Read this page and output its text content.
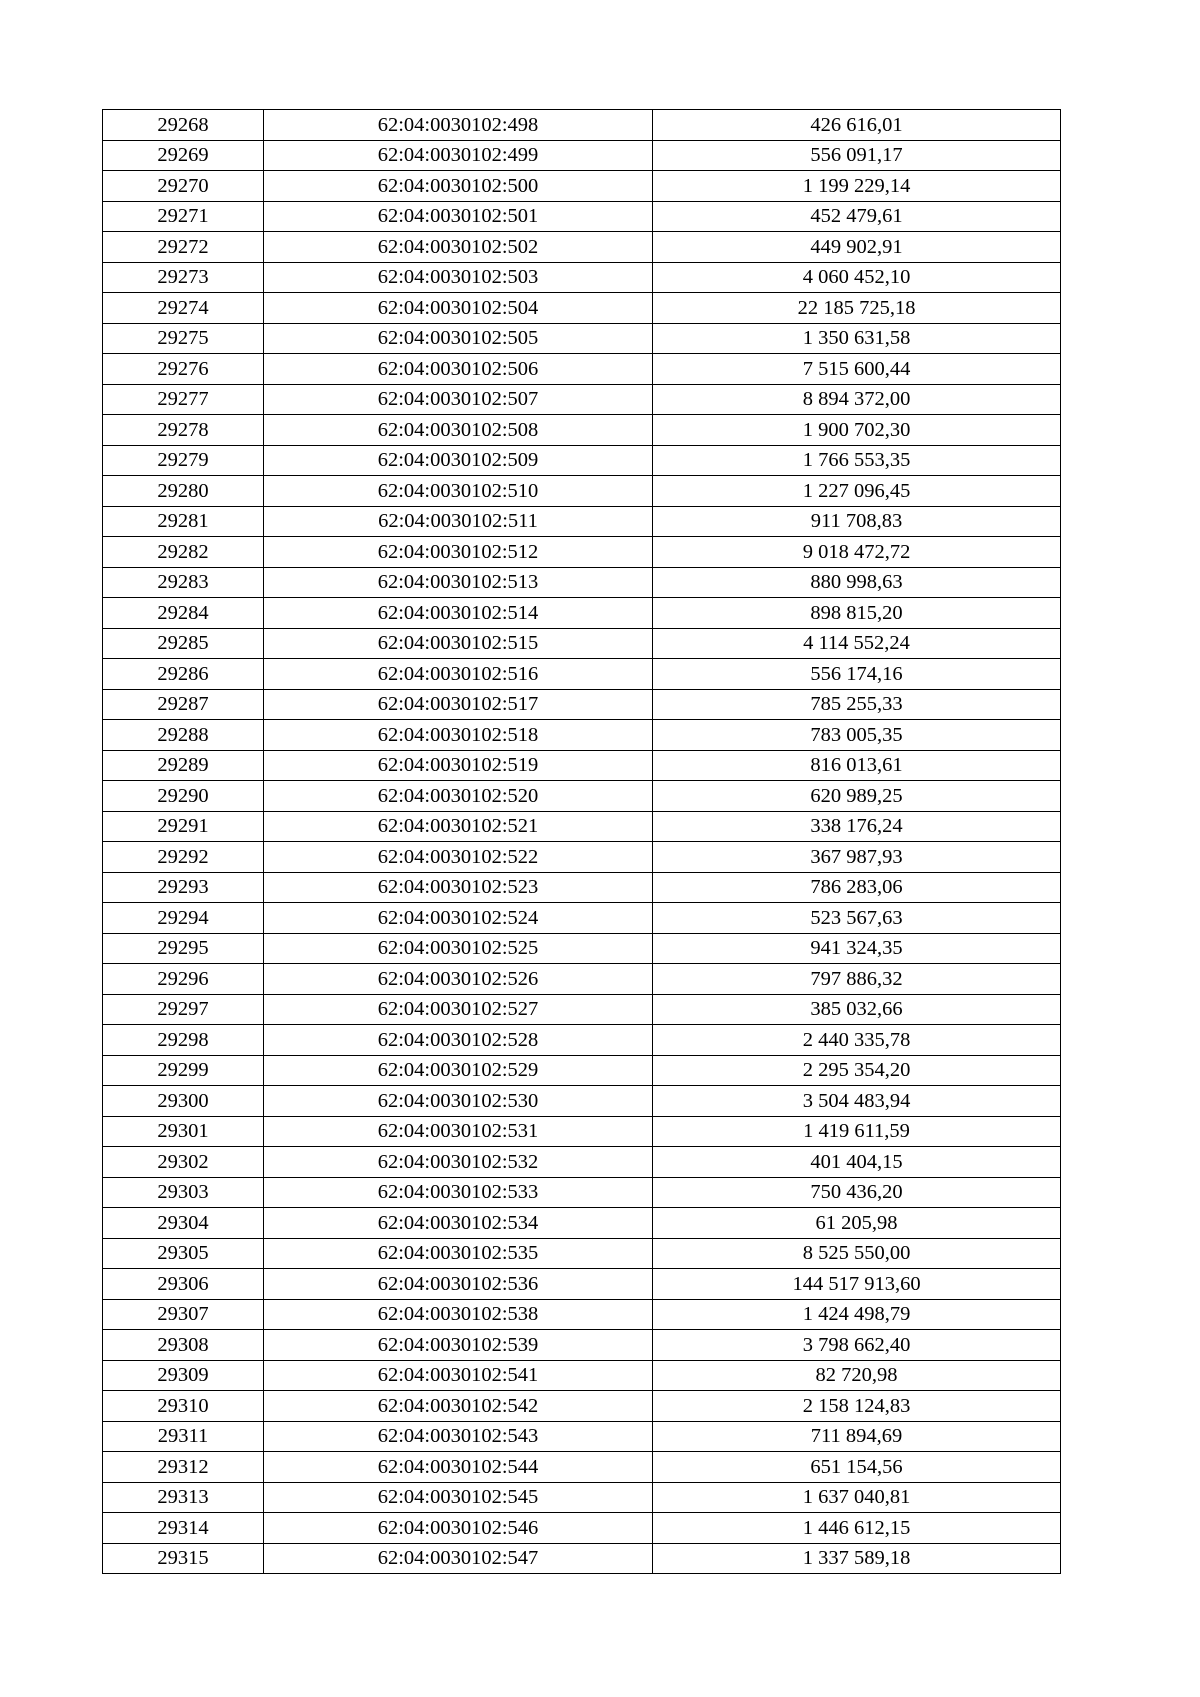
29268	62:04:0030102:498	426 616,01
29269	62:04:0030102:499	556 091,17
29270	62:04:0030102:500	1 199 229,14
29271	62:04:0030102:501	452 479,61
29272	62:04:0030102:502	449 902,91
29273	62:04:0030102:503	4 060 452,10
29274	62:04:0030102:504	22 185 725,18
29275	62:04:0030102:505	1 350 631,58
29276	62:04:0030102:506	7 515 600,44
29277	62:04:0030102:507	8 894 372,00
29278	62:04:0030102:508	1 900 702,30
29279	62:04:0030102:509	1 766 553,35
29280	62:04:0030102:510	1 227 096,45
29281	62:04:0030102:511	911 708,83
29282	62:04:0030102:512	9 018 472,72
29283	62:04:0030102:513	880 998,63
29284	62:04:0030102:514	898 815,20
29285	62:04:0030102:515	4 114 552,24
29286	62:04:0030102:516	556 174,16
29287	62:04:0030102:517	785 255,33
29288	62:04:0030102:518	783 005,35
29289	62:04:0030102:519	816 013,61
29290	62:04:0030102:520	620 989,25
29291	62:04:0030102:521	338 176,24
29292	62:04:0030102:522	367 987,93
29293	62:04:0030102:523	786 283,06
29294	62:04:0030102:524	523 567,63
29295	62:04:0030102:525	941 324,35
29296	62:04:0030102:526	797 886,32
29297	62:04:0030102:527	385 032,66
29298	62:04:0030102:528	2 440 335,78
29299	62:04:0030102:529	2 295 354,20
29300	62:04:0030102:530	3 504 483,94
29301	62:04:0030102:531	1 419 611,59
29302	62:04:0030102:532	401 404,15
29303	62:04:0030102:533	750 436,20
29304	62:04:0030102:534	61 205,98
29305	62:04:0030102:535	8 525 550,00
29306	62:04:0030102:536	144 517 913,60
29307	62:04:0030102:538	1 424 498,79
29308	62:04:0030102:539	3 798 662,40
29309	62:04:0030102:541	82 720,98
29310	62:04:0030102:542	2 158 124,83
29311	62:04:0030102:543	711 894,69
29312	62:04:0030102:544	651 154,56
29313	62:04:0030102:545	1 637 040,81
29314	62:04:0030102:546	1 446 612,15
29315	62:04:0030102:547	1 337 589,18
